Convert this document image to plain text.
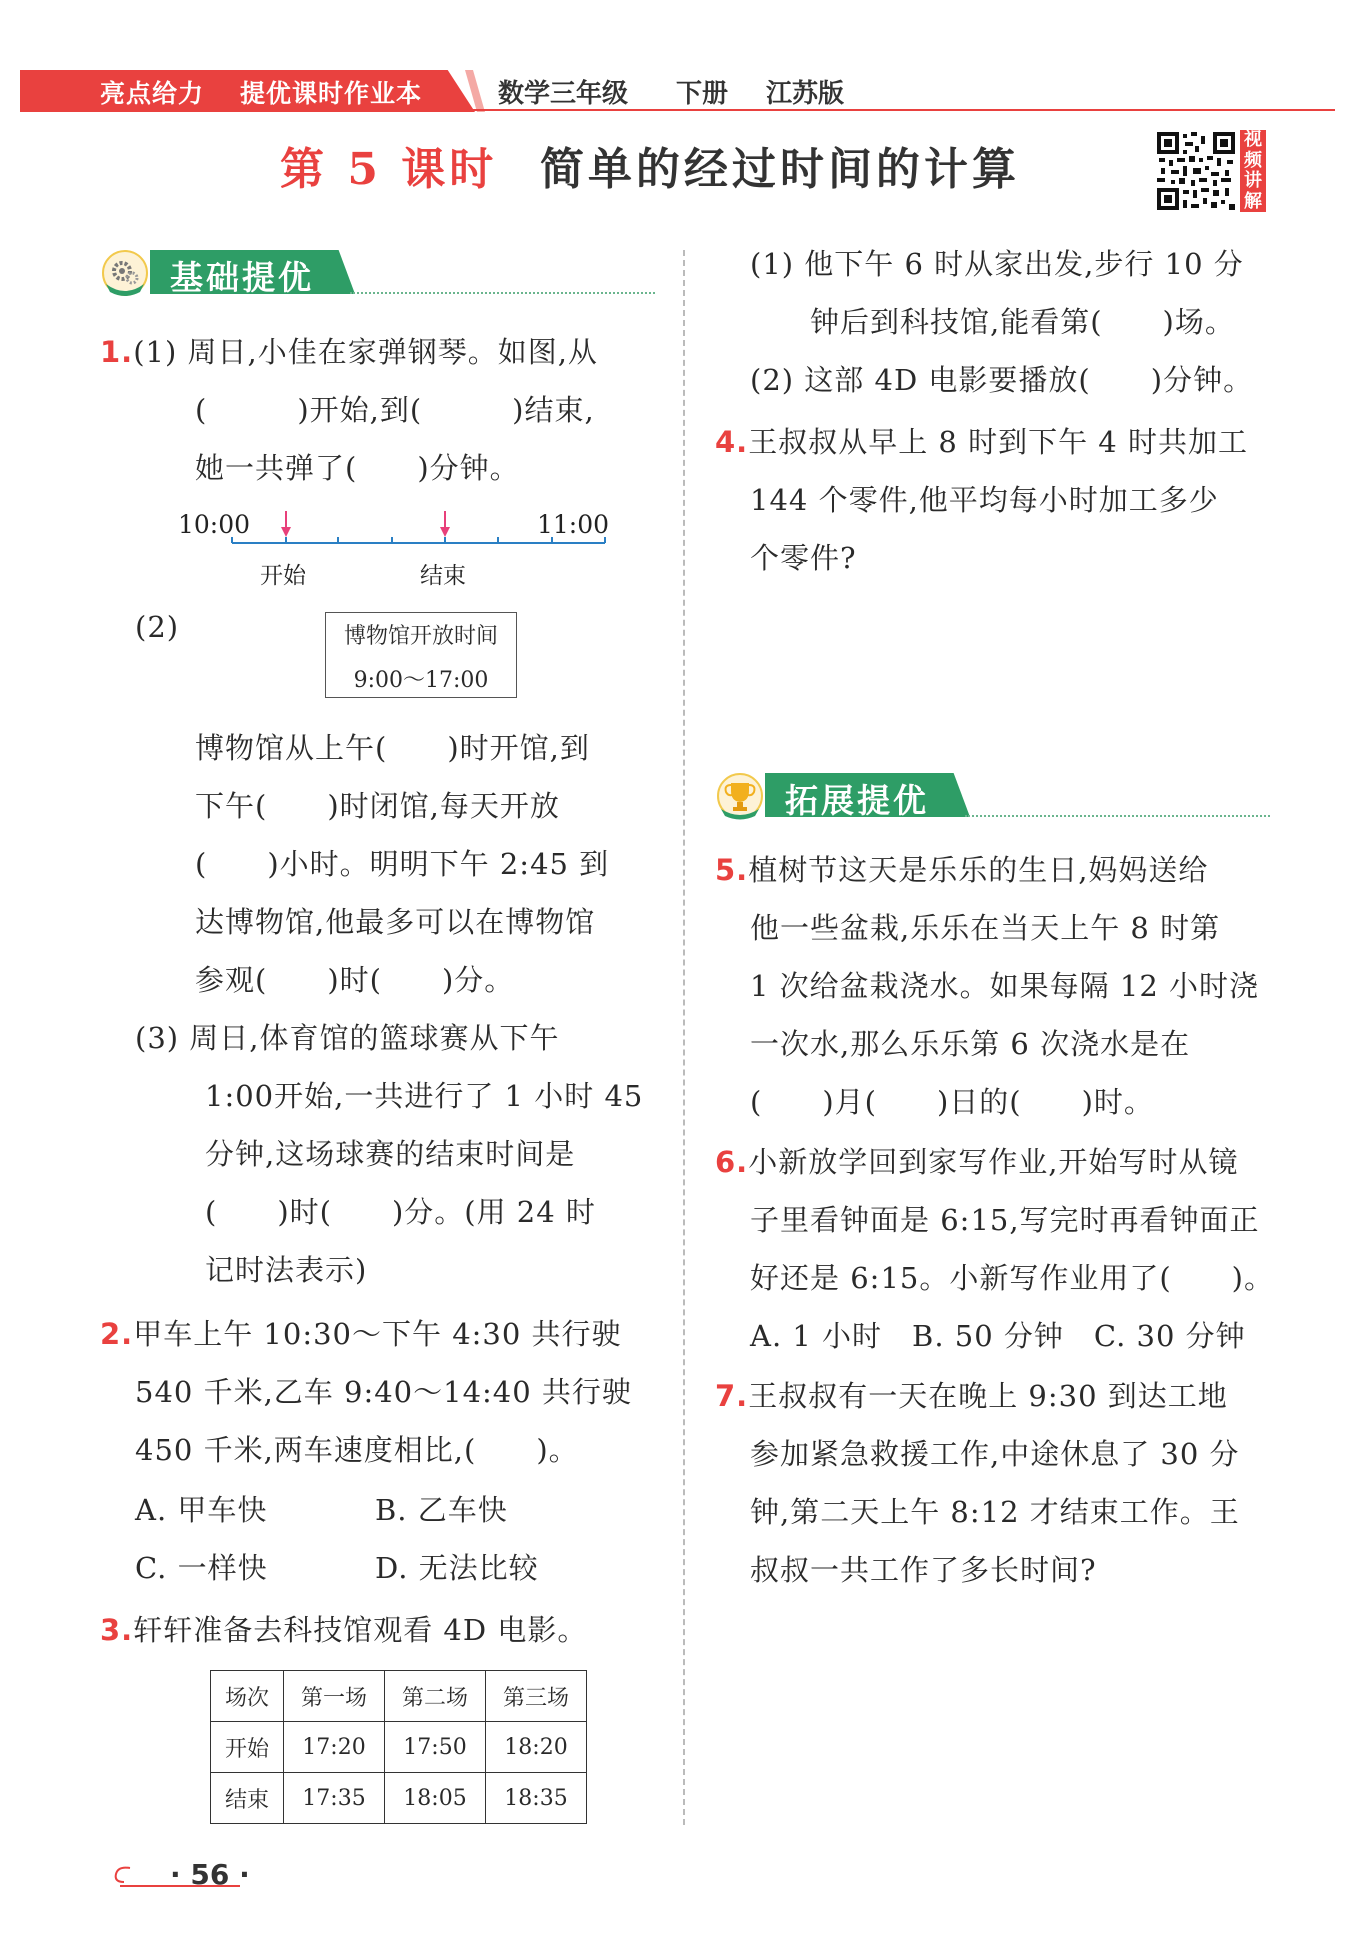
亮点给力 提优课时作业本	数学三年级 下册 江苏版
第 5 课时 简单的经过时间的计算
视频讲解
基础提优
1.(1) 周日,小佳在家弹钢琴。如图,从
(　　　)开始,到(　　　)结束,
她一共弹了(　　)分钟。
10:00	11:00
开始	结束
(2)	博物馆开放时间
9:00～17:00
博物馆从上午(　　)时开馆,到
下午(　　)时闭馆,每天开放
(　　)小时。明明下午 2:45 到
达博物馆,他最多可以在博物馆
参观(　　)时(　　)分。
(3) 周日,体育馆的篮球赛从下午
1:00开始,一共进行了 1 小时 45
分钟,这场球赛的结束时间是
(　　)时(　　)分。(用 24 时
记时法表示)
2.甲车上午 10:30～下午 4:30 共行驶
540 千米,乙车 9:40～14:40 共行驶
450 千米,两车速度相比,(　　)。
A. 甲车快	B. 乙车快
C. 一样快	D. 无法比较
3.轩轩准备去科技馆观看 4D 电影。
场次	第一场	第二场	第三场
开始	17:20	17:50	18:20
结束	17:35	18:05	18:35
(1) 他下午 6 时从家出发,步行 10 分
钟后到科技馆,能看第(　　)场。
(2) 这部 4D 电影要播放(　　)分钟。
4.王叔叔从早上 8 时到下午 4 时共加工
144 个零件,他平均每小时加工多少
个零件?
拓展提优
5.植树节这天是乐乐的生日,妈妈送给
他一些盆栽,乐乐在当天上午 8 时第
1 次给盆栽浇水。如果每隔 12 小时浇
一次水,那么乐乐第 6 次浇水是在
(　　)月(　　)日的(　　)时。
6.小新放学回到家写作业,开始写时从镜
子里看钟面是 6:15,写完时再看钟面正
好还是 6:15。小新写作业用了(　　)。
A. 1 小时　B. 50 分钟　C. 30 分钟
7.王叔叔有一天在晚上 9:30 到达工地
参加紧急救援工作,中途休息了 30 分
钟,第二天上午 8:12 才结束工作。王
叔叔一共工作了多长时间?
· 56 ·
